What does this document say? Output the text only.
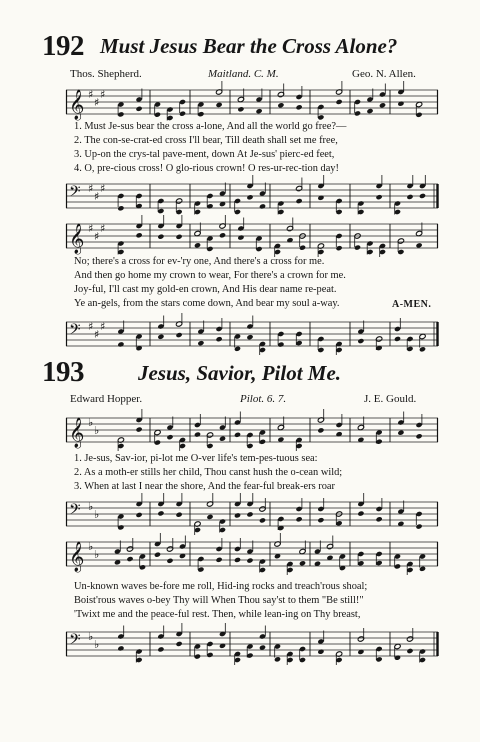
192 Must Jesus Bear the Cross Alone?
Thos. Shepherd.	Maitland. C. M.	Geo. N. Allen.
𝄞 ♯
♯
♯
1. Must Je-sus bear the cross a-lone, And all the world go free?—
2. The con-se-crat-ed cross I'll bear, Till death shall set me free,
3. Up-on the crys-tal pave-ment, down At Je-sus' pierc-ed feet,
4. O, pre-cious cross! O glo-rious crown! O res-ur-rec-tion day!
𝄢 ♯
♯
♯
𝄞 ♯
♯
♯
No; there's a cross for ev-'ry one, And there's a cross for me.
And then go home my crown to wear, For there's a crown for me.
Joy-ful, I'll cast my gold-en crown, And His dear name re-peat.
Ye an-gels, from the stars come down, And bear my soul a-way.	A-MEN.
𝄢 ♯
♯
♯
193	Jesus, Savior, Pilot Me.
Edward Hopper.	Pilot. 6. 7.	J. E. Gould.
𝄞 ♭
♭
1. Je-sus, Sav-ior, pi-lot me O-ver life's tem-pes-tuous sea:
2. As a moth-er stills her child, Thou canst hush the o-cean wild;
3. When at last I near the shore, And the fear-ful break-ers roar
𝄢 ♭
♭
𝄞 ♭
♭
Un-known waves be-fore me roll, Hid-ing rocks and treach'rous shoal;
Boist'rous waves o-bey Thy will When Thou say'st to them "Be still!"
'Twixt me and the peace-ful rest. Then, while lean-ing on Thy breast,
𝄢 ♭
♭
